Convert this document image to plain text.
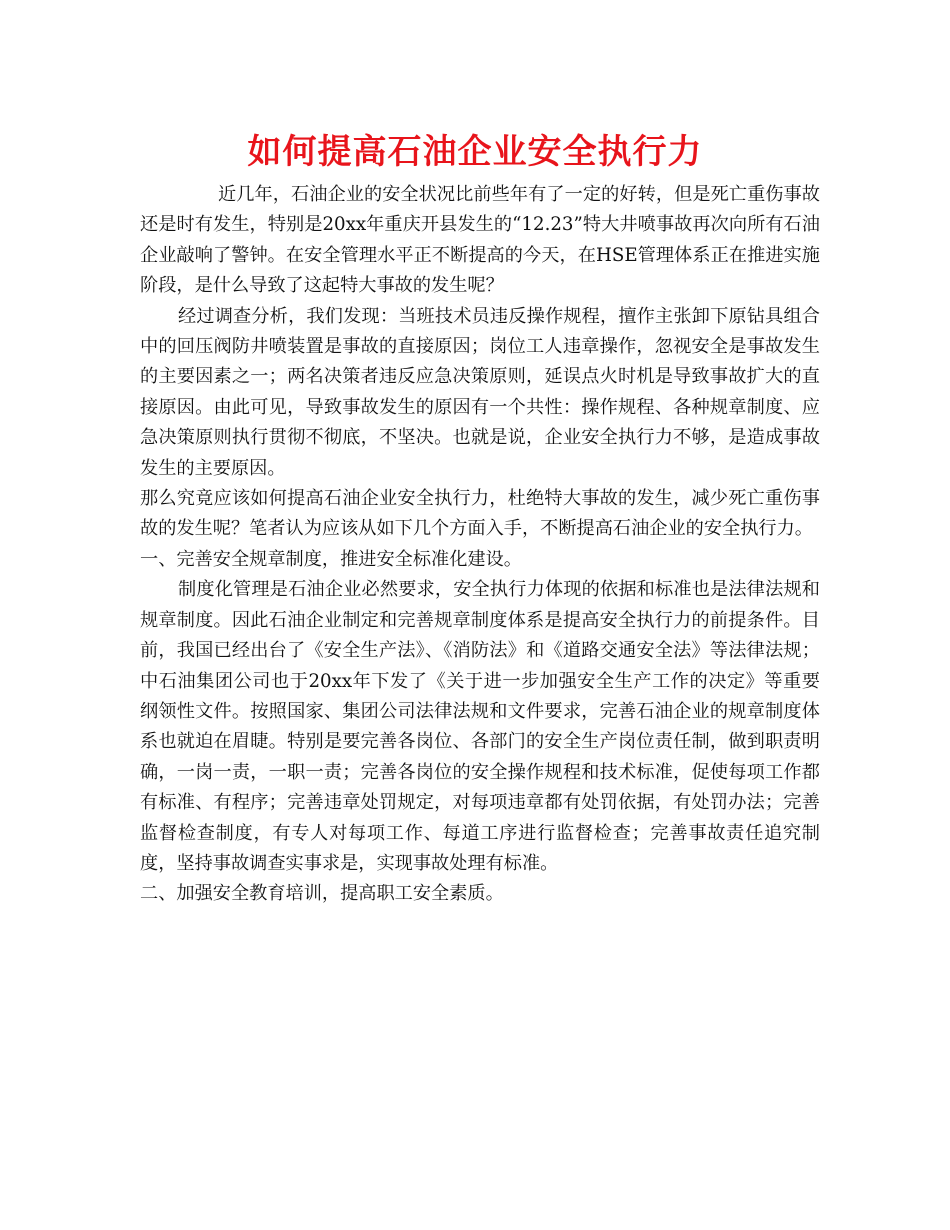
如何提高石油企业安全执行力

近几年，石油企业的安全状况比前些年有了一定的好转，但是死亡重伤事故还是时有发生，特别是20xx年重庆开县发生的“12.23”特大井喷事故再次向所有石油企业敲响了警钟。在安全管理水平正不断提高的今天，在HSE管理体系正在推进实施阶段，是什么导致了这起特大事故的发生呢？

经过调查分析，我们发现：当班技术员违反操作规程，擅作主张卸下原钻具组合中的回压阀防井喷装置是事故的直接原因；岗位工人违章操作，忽视安全是事故发生的主要因素之一；两名决策者违反应急决策原则，延误点火时机是导致事故扩大的直接原因。由此可见，导致事故发生的原因有一个共性：操作规程、各种规章制度、应急决策原则执行贯彻不彻底，不坚决。也就是说，企业安全执行力不够，是造成事故发生的主要原因。

那么究竟应该如何提高石油企业安全执行力，杜绝特大事故的发生，减少死亡重伤事故的发生呢？笔者认为应该从如下几个方面入手，不断提高石油企业的安全执行力。

一、完善安全规章制度，推进安全标准化建设。

制度化管理是石油企业必然要求，安全执行力体现的依据和标准也是法律法规和规章制度。因此石油企业制定和完善规章制度体系是提高安全执行力的前提条件。目前，我国已经出台了《安全生产法》、《消防法》和《道路交通安全法》等法律法规；中石油集团公司也于20xx年下发了《关于进一步加强安全生产工作的决定》等重要纲领性文件。按照国家、集团公司法律法规和文件要求，完善石油企业的规章制度体系也就迫在眉睫。特别是要完善各岗位、各部门的安全生产岗位责任制，做到职责明确，一岗一责，一职一责；完善各岗位的安全操作规程和技术标准，促使每项工作都有标准、有程序；完善违章处罚规定，对每项违章都有处罚依据，有处罚办法；完善监督检查制度，有专人对每项工作、每道工序进行监督检查；完善事故责任追究制度，坚持事故调查实事求是，实现事故处理有标准。

二、加强安全教育培训，提高职工安全素质。
